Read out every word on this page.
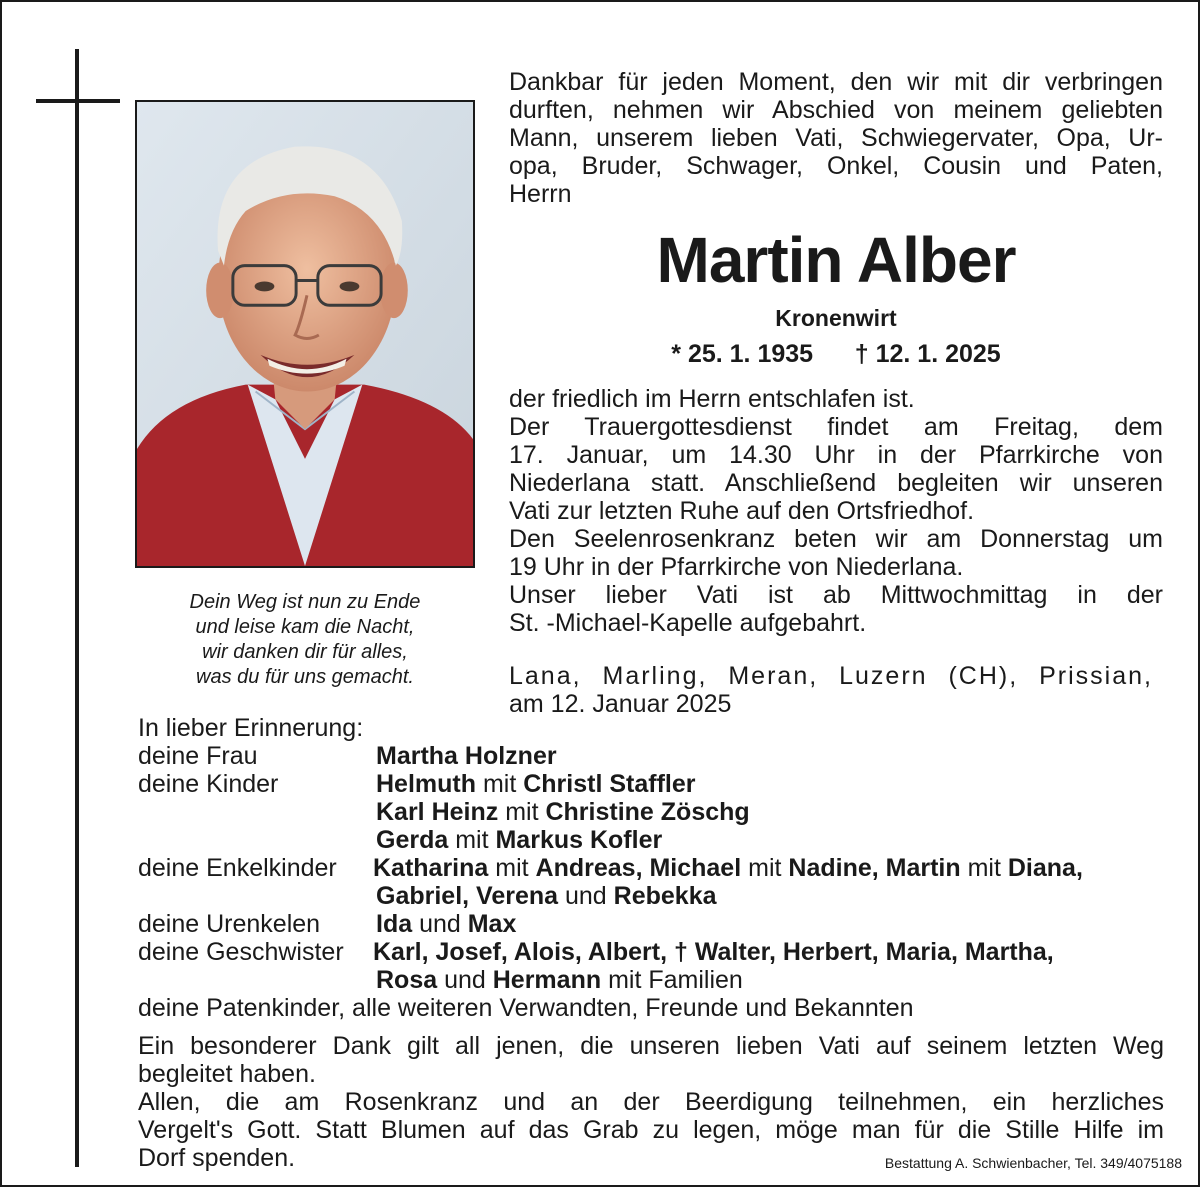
Dein Weg ist nun zu Ende
und leise kam die Nacht,
wir danken dir für alles,
was du für uns gemacht.
Dankbar für jeden Moment, den wir mit dir verbringen
durften, nehmen wir Abschied von meinem geliebten
Mann, unserem lieben Vati, Schwiegervater, Opa, Ur-
opa, Bruder, Schwager, Onkel, Cousin und Paten,
Herrn
Martin Alber
Kronenwirt
* 25. 1. 1935      † 12. 1. 2025
der friedlich im Herrn entschlafen ist.
Der Trauergottesdienst findet am Freitag, dem
17. Januar, um 14.30 Uhr in der Pfarrkirche von
Niederlana statt. Anschließend begleiten wir unseren
Vati zur letzten Ruhe auf den Ortsfriedhof.
Den Seelenrosenkranz beten wir am Donnerstag um
19 Uhr in der Pfarrkirche von Niederlana.
Unser lieber Vati ist ab Mittwochmittag in der
St. -Michael-Kapelle aufgebahrt.
Lana, Marling, Meran, Luzern (CH), Prissian,
am 12. Januar 2025
In lieber Erinnerung:
deine Frau	Martha Holzner
deine Kinder	Helmuth mit Christl Staffler
Karl Heinz mit Christine Zöschg
Gerda mit Markus Kofler
deine Enkelkinder	Katharina mit Andreas, Michael mit Nadine, Martin mit Diana,
Gabriel, Verena und Rebekka
deine Urenkelen	Ida und Max
deine Geschwister	Karl, Josef, Alois, Albert, † Walter, Herbert, Maria, Martha,
Rosa und Hermann mit Familien
deine Patenkinder, alle weiteren Verwandten, Freunde und Bekannten
Ein besonderer Dank gilt all jenen, die unseren lieben Vati auf seinem letzten Weg
begleitet haben.
Allen, die am Rosenkranz und an der Beerdigung teilnehmen, ein herzliches
Vergelt's Gott. Statt Blumen auf das Grab zu legen, möge man für die Stille Hilfe im
Dorf spenden.	Bestattung A. Schwienbacher, Tel. 349/4075188
